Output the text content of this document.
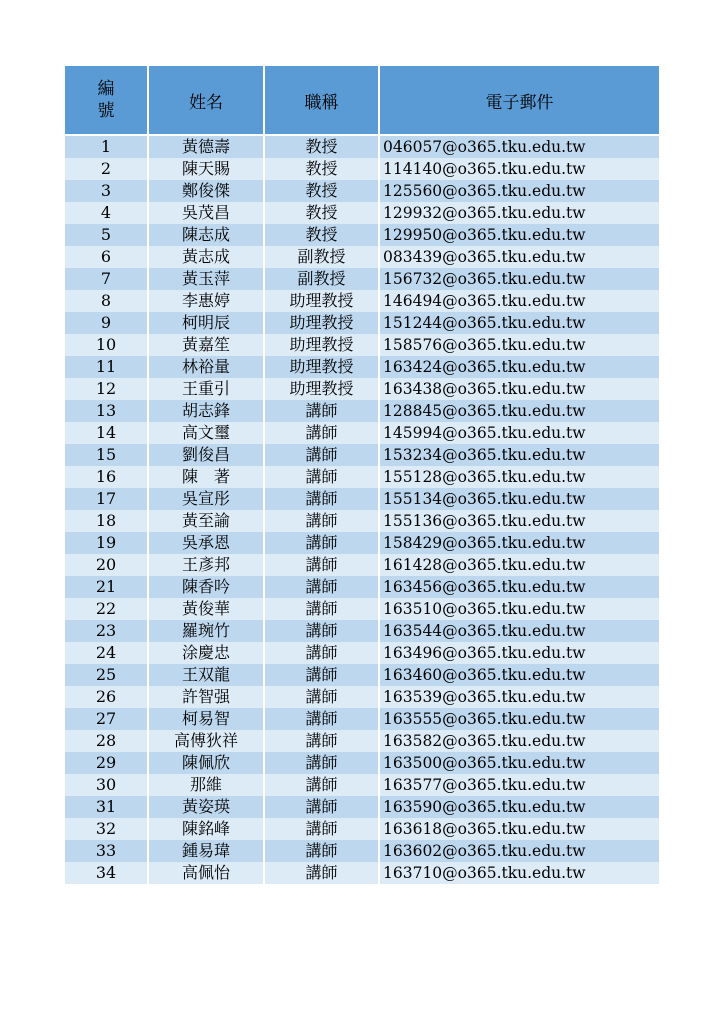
編號	姓名	職稱	電子郵件
1	黃德壽	教授	046057@o365.tku.edu.tw
2	陳天賜	教授	114140@o365.tku.edu.tw
3	鄭俊傑	教授	125560@o365.tku.edu.tw
4	吳茂昌	教授	129932@o365.tku.edu.tw
5	陳志成	教授	129950@o365.tku.edu.tw
6	黃志成	副教授	083439@o365.tku.edu.tw
7	黃玉萍	副教授	156732@o365.tku.edu.tw
8	李惠婷	助理教授	146494@o365.tku.edu.tw
9	柯明辰	助理教授	151244@o365.tku.edu.tw
10	黃嘉笙	助理教授	158576@o365.tku.edu.tw
11	林裕量	助理教授	163424@o365.tku.edu.tw
12	王重引	助理教授	163438@o365.tku.edu.tw
13	胡志鋒	講師	128845@o365.tku.edu.tw
14	高文璽	講師	145994@o365.tku.edu.tw
15	劉俊昌	講師	153234@o365.tku.edu.tw
16	陳　著	講師	155128@o365.tku.edu.tw
17	吳宣彤	講師	155134@o365.tku.edu.tw
18	黃至諭	講師	155136@o365.tku.edu.tw
19	吳承恩	講師	158429@o365.tku.edu.tw
20	王彥邦	講師	161428@o365.tku.edu.tw
21	陳香吟	講師	163456@o365.tku.edu.tw
22	黃俊華	講師	163510@o365.tku.edu.tw
23	羅琬竹	講師	163544@o365.tku.edu.tw
24	涂慶忠	講師	163496@o365.tku.edu.tw
25	王双龍	講師	163460@o365.tku.edu.tw
26	許智强	講師	163539@o365.tku.edu.tw
27	柯易智	講師	163555@o365.tku.edu.tw
28	高傅狄祥	講師	163582@o365.tku.edu.tw
29	陳佩欣	講師	163500@o365.tku.edu.tw
30	那維	講師	163577@o365.tku.edu.tw
31	黃姿瑛	講師	163590@o365.tku.edu.tw
32	陳銘峰	講師	163618@o365.tku.edu.tw
33	鍾易瑋	講師	163602@o365.tku.edu.tw
34	高佩怡	講師	163710@o365.tku.edu.tw
